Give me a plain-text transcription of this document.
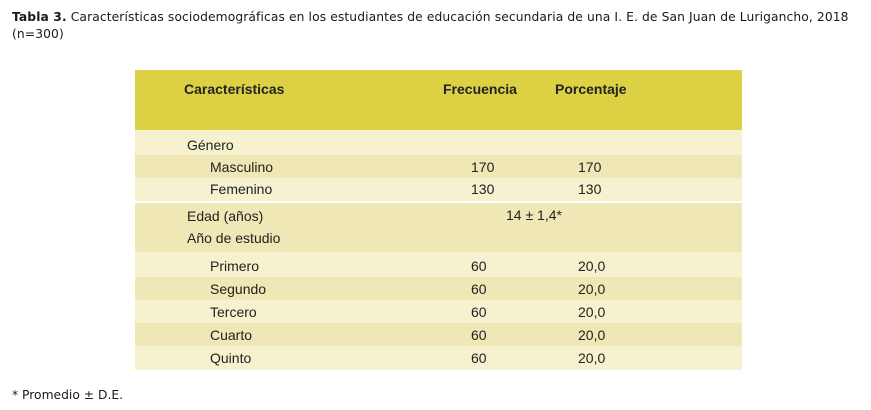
Tabla 3. Características sociodemográficas en los estudiantes de educación secundaria de una I. E. de San Juan de Lurigancho, 2018 (n=300)
Características	Frecuencia	Porcentaje
Género
Masculino	170	170
Femenino	130	130
Edad (años)	14 ± 1,4*
Año de estudio
Primero	60	20,0
Segundo	60	20,0
Tercero	60	20,0
Cuarto	60	20,0
Quinto	60	20,0
* Promedio ± D.E.
